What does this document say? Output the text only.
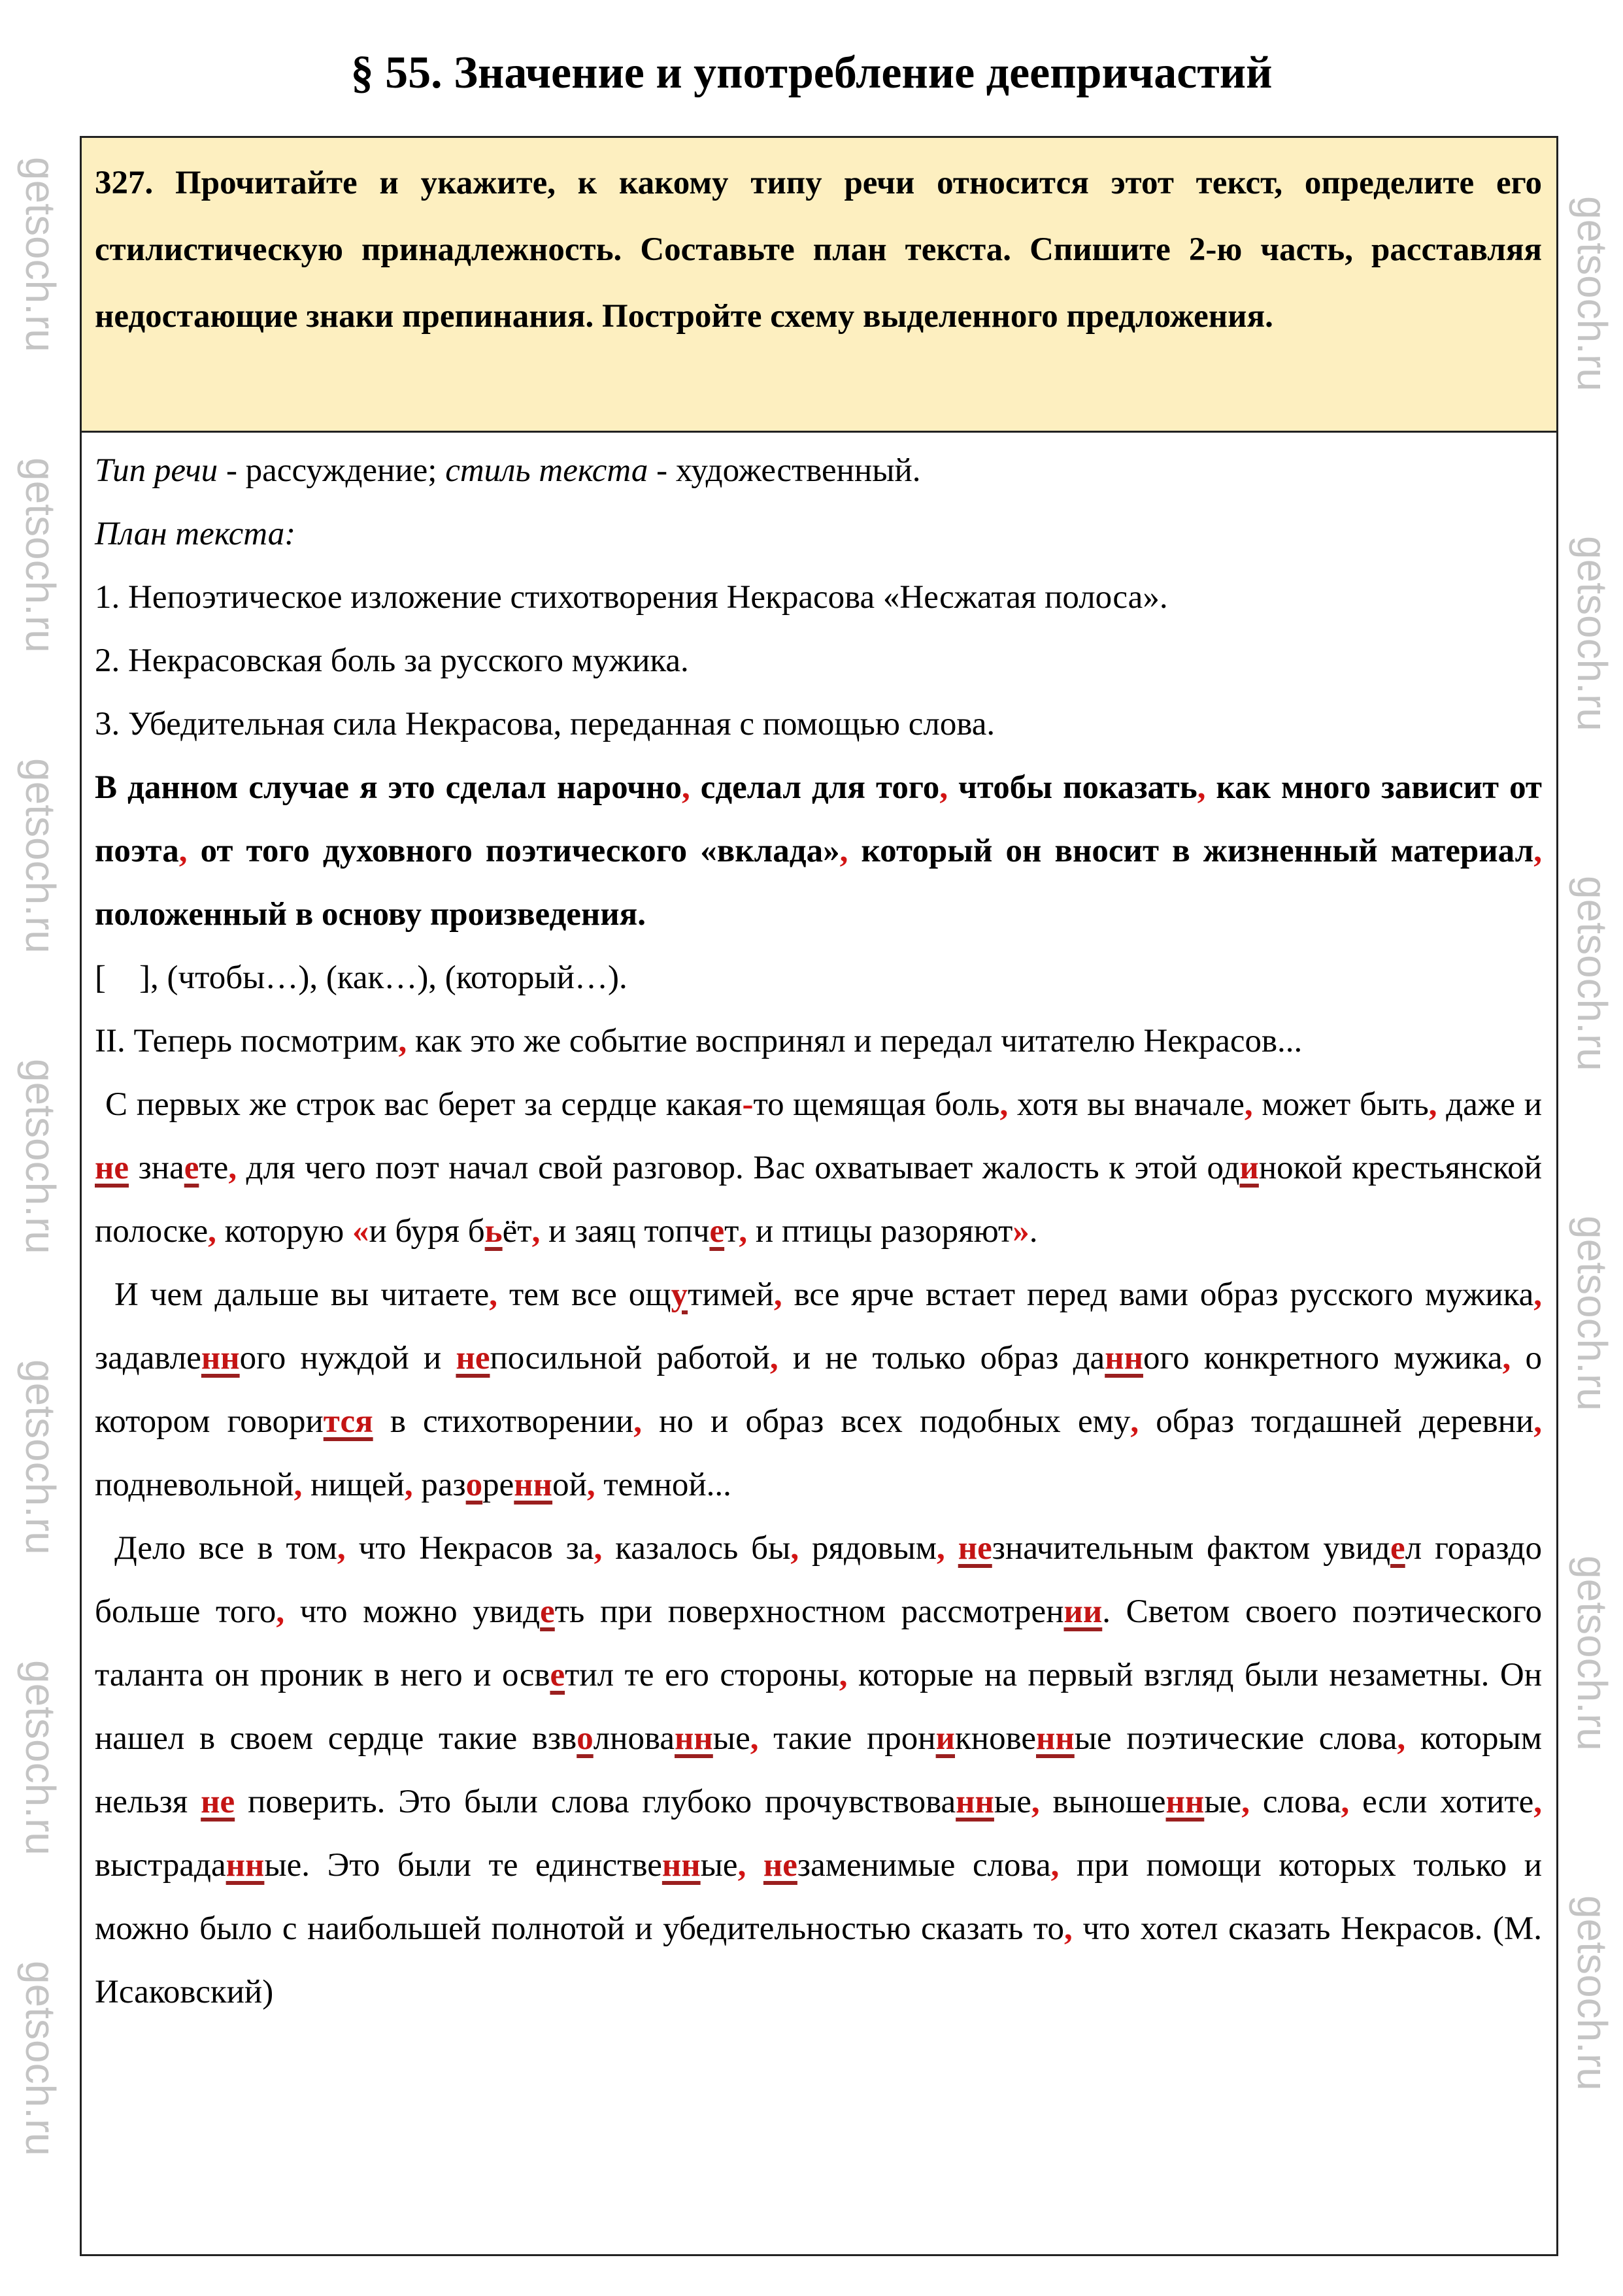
§ 55. Значение и употребление деепричастий
327. Прочитайте и укажите, к какому типу речи относится этот текст, определите его стилистическую принадлежность. Составьте план текста. Спишите 2-ю часть, расставляя недостающие знаки препинания. Постройте схему выделенного предложения.

Тип речи - рассуждение; стиль текста - художественный.

План текста:

1. Непоэтическое изложение стихотворения Некрасова «Несжатая полоса».

2. Некрасовская боль за русского мужика.

3. Убедительная сила Некрасова, переданная с помощью слова.

В данном случае я это сделал нарочно, сделал для того, чтобы показать, как много зависит от поэта, от того духовного поэтического «вклада», который он вносит в жизненный материал, положенный в основу произведения.

[    ], (чтобы…), (как…), (который…).

II. Теперь посмотрим, как это же событие воспринял и передал читателю Некрасов...

С первых же строк вас берет за сердце какая-то щемящая боль, хотя вы вначале, может быть, даже и не знаете, для чего поэт начал свой разговор. Вас охватывает жалость к этой одинокой крестьянской полоске, которую «и буря бьёт, и заяц топчет, и птицы разоряют».

И чем дальше вы читаете, тем все ощутимей, все ярче встает перед вами образ русского мужика, задавленного нуждой и непосильной работой, и не только образ данного конкретного мужика, о котором говорится в стихотворении, но и образ всех подобных ему, образ тогдашней деревни, подневольной, нищей, разоренной, темной...

Дело все в том, что Некрасов за, казалось бы, рядовым, незначительным фактом увидел гораздо больше того, что можно увидеть при поверхностном рассмотрении. Светом своего поэтического таланта он проник в него и осветил те его стороны, которые на первый взгляд были незаметны. Он нашел в своем сердце такие взволнованные, такие проникновенные поэтические слова, которым нельзя не поверить. Это были слова глубоко прочувствованные, выношенные, слова, если хотите, выстраданные. Это были те единственные, незаменимые слова, при помощи которых только и можно было с наибольшей полнотой и убедительностью сказать то, что хотел сказать Некрасов. (М. Исаковский)

getsoch.ru
getsoch.ru
getsoch.ru
getsoch.ru
getsoch.ru
getsoch.ru
getsoch.ru
getsoch.ru
getsoch.ru
getsoch.ru
getsoch.ru
getsoch.ru
getsoch.ru
